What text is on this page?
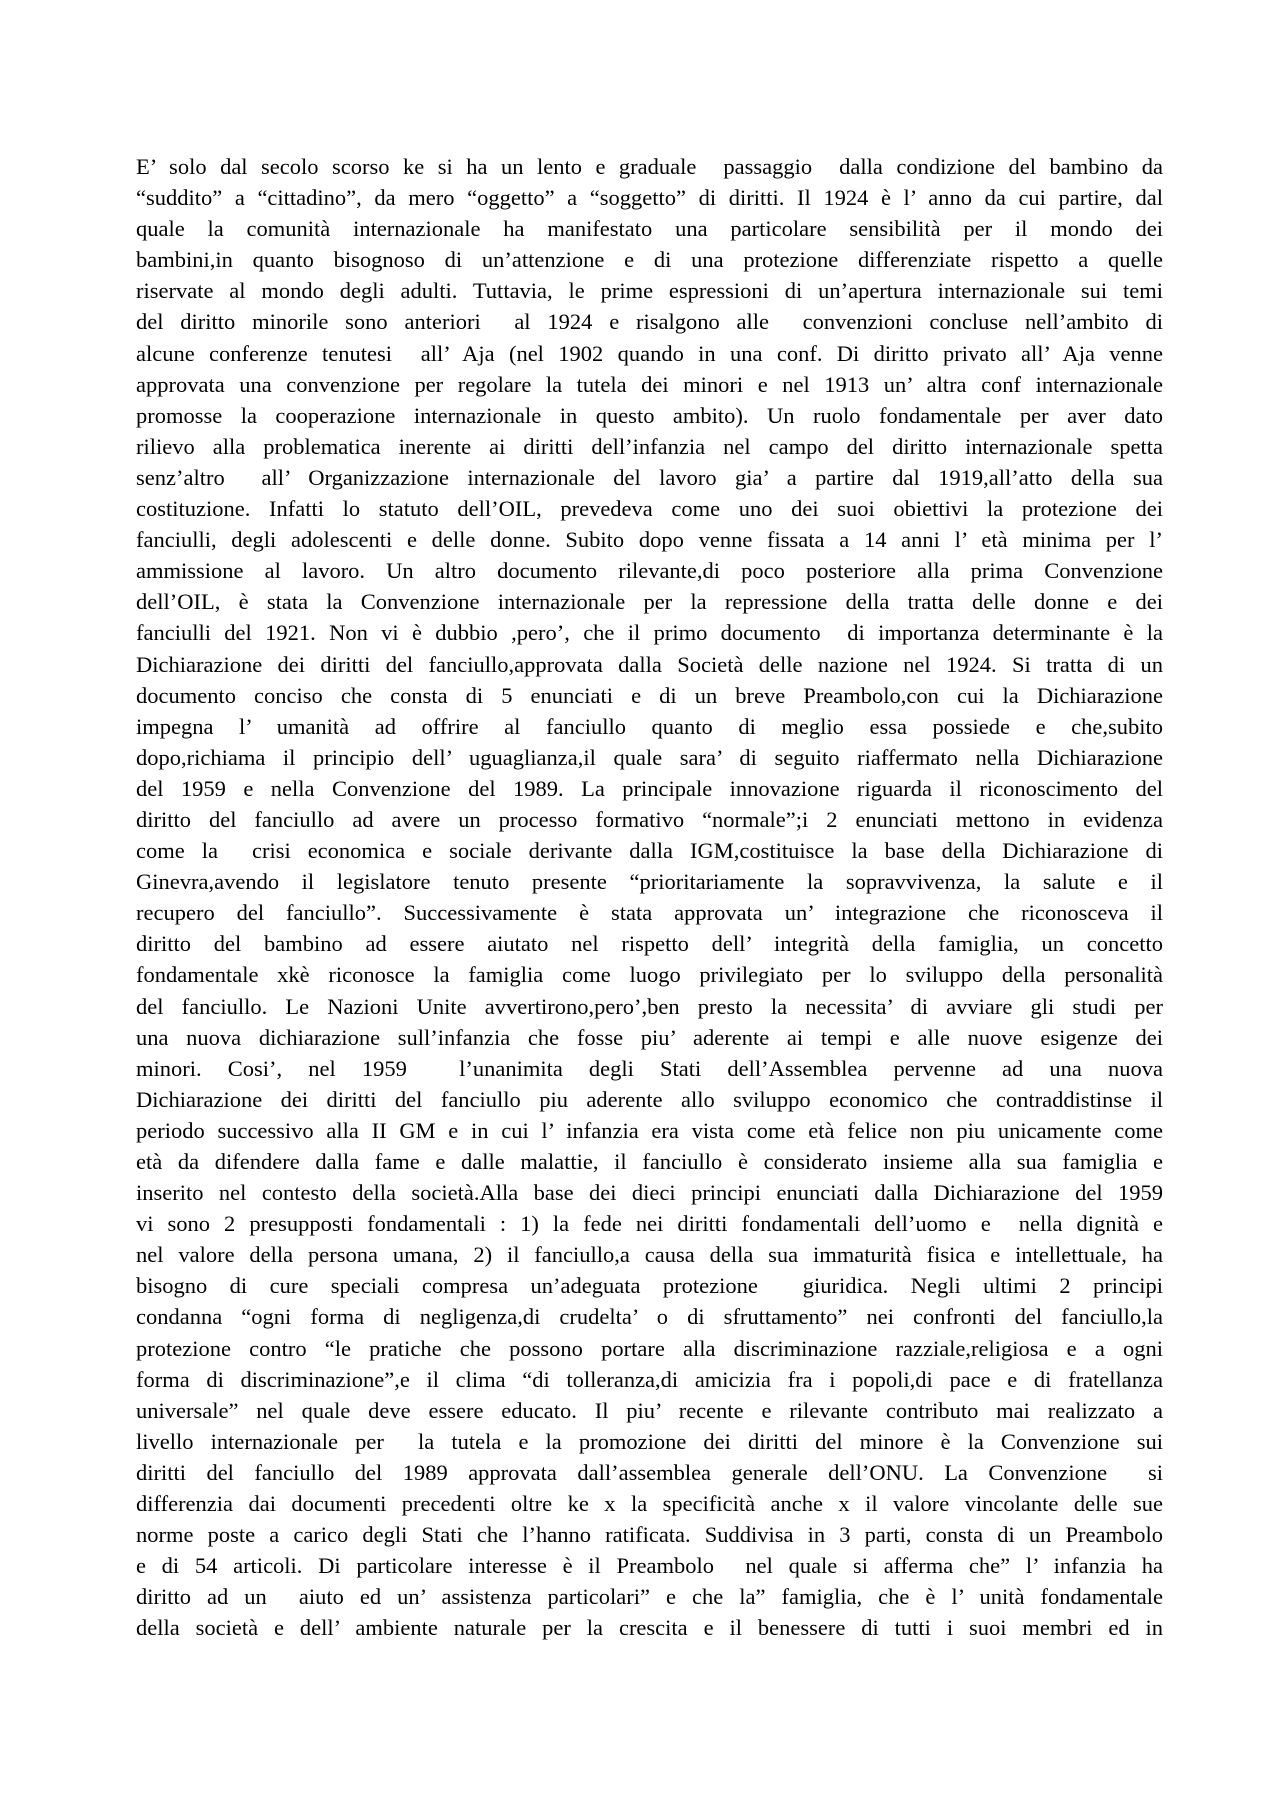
E’ solo dal secolo scorso ke si ha un lento e graduale  passaggio  dalla condizione del bambino da
“suddito” a “cittadino”, da mero “oggetto” a “soggetto” di diritti. Il 1924 è l’ anno da cui partire, dal
quale la comunità internazionale ha manifestato una particolare sensibilità per il mondo dei
bambini,in quanto bisognoso di un’attenzione e di una protezione differenziate rispetto a quelle
riservate al mondo degli adulti. Tuttavia, le prime espressioni di un’apertura internazionale sui temi
del diritto minorile sono anteriori  al 1924 e risalgono alle  convenzioni concluse nell’ambito di
alcune conferenze tenutesi  all’ Aja (nel 1902 quando in una conf. Di diritto privato all’ Aja venne
approvata una convenzione per regolare la tutela dei minori e nel 1913 un’ altra conf internazionale
promosse la cooperazione internazionale in questo ambito). Un ruolo fondamentale per aver dato
rilievo alla problematica inerente ai diritti dell’infanzia nel campo del diritto internazionale spetta
senz’altro  all’ Organizzazione internazionale del lavoro gia’ a partire dal 1919,all’atto della sua
costituzione. Infatti lo statuto dell’OIL, prevedeva come uno dei suoi obiettivi la protezione dei
fanciulli, degli adolescenti e delle donne. Subito dopo venne fissata a 14 anni l’ età minima per l’
ammissione al lavoro. Un altro documento rilevante,di poco posteriore alla prima Convenzione
dell’OIL, è stata la Convenzione internazionale per la repressione della tratta delle donne e dei
fanciulli del 1921. Non vi è dubbio ,pero’, che il primo documento  di importanza determinante è la
Dichiarazione dei diritti del fanciullo,approvata dalla Società delle nazione nel 1924. Si tratta di un
documento conciso che consta di 5 enunciati e di un breve Preambolo,con cui la Dichiarazione
impegna l’ umanità ad offrire al fanciullo quanto di meglio essa possiede e che,subito
dopo,richiama il principio dell’ uguaglianza,il quale sara’ di seguito riaffermato nella Dichiarazione
del 1959 e nella Convenzione del 1989. La principale innovazione riguarda il riconoscimento del
diritto del fanciullo ad avere un processo formativo “normale”;i 2 enunciati mettono in evidenza
come la  crisi economica e sociale derivante dalla IGM,costituisce la base della Dichiarazione di
Ginevra,avendo il legislatore tenuto presente “prioritariamente la sopravvivenza, la salute e il
recupero del fanciullo”. Successivamente è stata approvata un’ integrazione che riconosceva il
diritto del bambino ad essere aiutato nel rispetto dell’ integrità della famiglia, un concetto
fondamentale xkè riconosce la famiglia come luogo privilegiato per lo sviluppo della personalità
del fanciullo. Le Nazioni Unite avvertirono,pero’,ben presto la necessita’ di avviare gli studi per
una nuova dichiarazione sull’infanzia che fosse piu’ aderente ai tempi e alle nuove esigenze dei
minori. Cosi’, nel 1959  l’unanimita degli Stati dell’Assemblea pervenne ad una nuova
Dichiarazione dei diritti del fanciullo piu aderente allo sviluppo economico che contraddistinse il
periodo successivo alla II GM e in cui l’ infanzia era vista come età felice non piu unicamente come
età da difendere dalla fame e dalle malattie, il fanciullo è considerato insieme alla sua famiglia e
inserito nel contesto della società.Alla base dei dieci principi enunciati dalla Dichiarazione del 1959
vi sono 2 presupposti fondamentali : 1) la fede nei diritti fondamentali dell’uomo e  nella dignità e
nel valore della persona umana, 2) il fanciullo,a causa della sua immaturità fisica e intellettuale, ha
bisogno di cure speciali compresa un’adeguata protezione  giuridica. Negli ultimi 2 principi
condanna “ogni forma di negligenza,di crudelta’ o di sfruttamento” nei confronti del fanciullo,la
protezione contro “le pratiche che possono portare alla discriminazione razziale,religiosa e a ogni
forma di discriminazione”,e il clima “di tolleranza,di amicizia fra i popoli,di pace e di fratellanza
universale” nel quale deve essere educato. Il piu’ recente e rilevante contributo mai realizzato a
livello internazionale per  la tutela e la promozione dei diritti del minore è la Convenzione sui
diritti del fanciullo del 1989 approvata dall’assemblea generale dell’ONU. La Convenzione  si
differenzia dai documenti precedenti oltre ke x la specificità anche x il valore vincolante delle sue
norme poste a carico degli Stati che l’hanno ratificata. Suddivisa in 3 parti, consta di un Preambolo
e di 54 articoli. Di particolare interesse è il Preambolo  nel quale si afferma che” l’ infanzia ha
diritto ad un  aiuto ed un’ assistenza particolari” e che la” famiglia, che è l’ unità fondamentale
della società e dell’ ambiente naturale per la crescita e il benessere di tutti i suoi membri ed in
